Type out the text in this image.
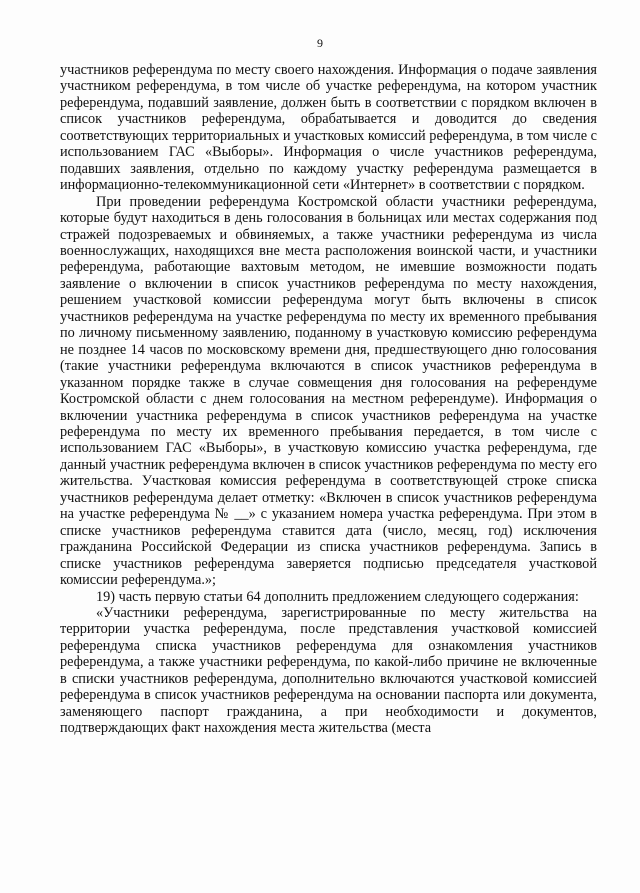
9

участников референдума по месту своего нахождения. Информация о подаче заявления участником референдума, в том числе об участке референдума, на котором участник референдума, подавший заявление, должен быть в соответствии с порядком включен в список участников референдума, обрабатывается и доводится до сведения соответствующих территориальных и участковых комиссий референдума, в том числе с использованием ГАС «Выборы». Информация о числе участников референдума, подавших заявления, отдельно по каждому участку референдума размещается в информационно-телекоммуникационной сети «Интернет» в соответствии с порядком.

При проведении референдума Костромской области участники референдума, которые будут находиться в день голосования в больницах или местах содержания под стражей подозреваемых и обвиняемых, а также участники референдума из числа военнослужащих, находящихся вне места расположения воинской части, и участники референдума, работающие вахтовым методом, не имевшие возможности подать заявление о включении в список участников референдума по месту нахождения, решением участковой комиссии референдума могут быть включены в список участников референдума на участке референдума по месту их временного пребывания по личному письменному заявлению, поданному в участковую комиссию референдума не позднее 14 часов по московскому времени дня, предшествующего дню голосования (такие участники референдума включаются в список участников референдума в указанном порядке также в случае совмещения дня голосования на референдуме Костромской области с днем голосования на местном референдуме). Информация о включении участника референдума в список участников референдума на участке референдума по месту их временного пребывания передается, в том числе с использованием ГАС «Выборы», в участковую комиссию участка референдума, где данный участник референдума включен в список участников референдума по месту его жительства. Участковая комиссия референдума в соответствующей строке списка участников референдума делает отметку: «Включен в список участников референдума на участке референдума № __» с указанием номера участка референдума. При этом в списке участников референдума ставится дата (число, месяц, год) исключения гражданина Российской Федерации из списка участников референдума. Запись в списке участников референдума заверяется подписью председателя участковой комиссии референдума.»;

19) часть первую статьи 64 дополнить предложением следующего содержания:

«Участники референдума, зарегистрированные по месту жительства на территории участка референдума, после представления участковой комиссией референдума списка участников референдума для ознакомления участников референдума, а также участники референдума, по какой-либо причине не включенные в списки участников референдума, дополнительно включаются участковой комиссией референдума в список участников референдума на основании паспорта или документа, заменяющего паспорт гражданина, а при необходимости и документов, подтверждающих факт нахождения места жительства (места
